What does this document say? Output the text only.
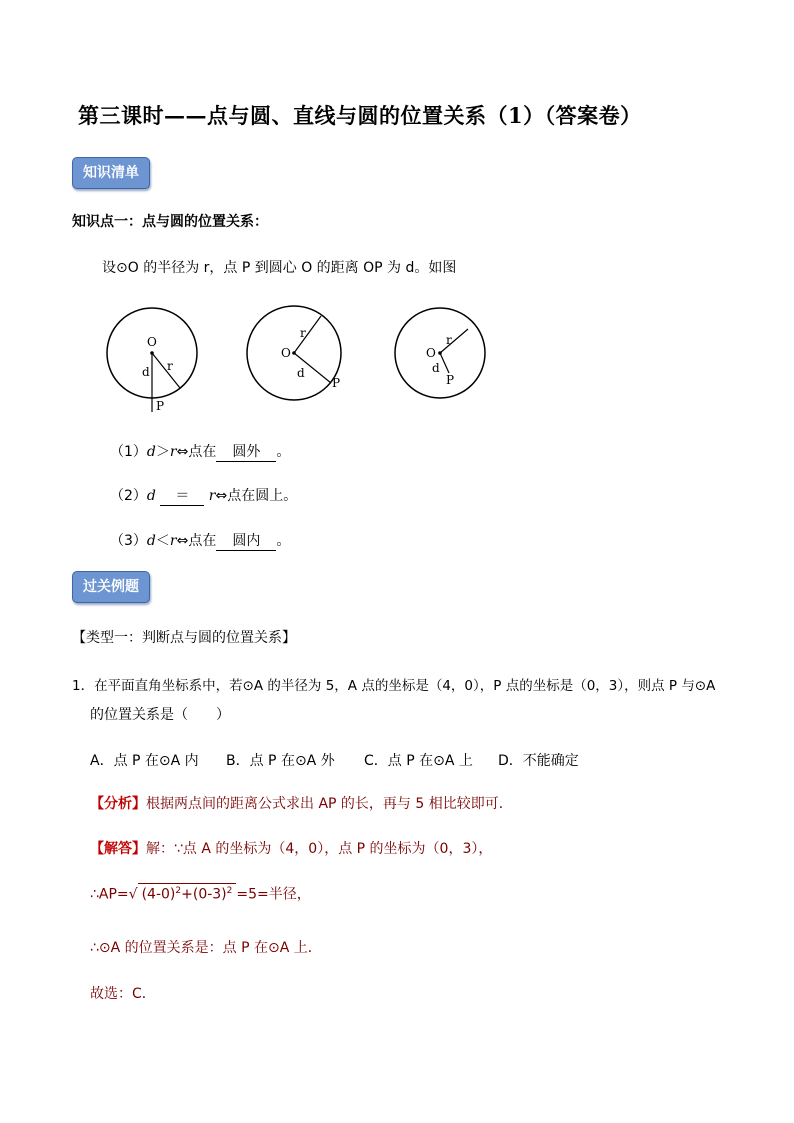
第三课时——点与圆、直线与圆的位置关系（1）（答案卷）
知识清单
知识点一：点与圆的位置关系：
设⊙O 的半径为 r，点 P 到圆心 O 的距离 OP 为 d。如图
O
r
d
P
O
r
d
P
O
r
d
P
（1）d＞r⇔点在 圆外 。
（2）d ＝ r⇔点在圆上。
（3）d＜r⇔点在 圆内 。
过关例题
【类型一：判断点与圆的位置关系】
1．在平面直角坐标系中，若⊙A 的半径为 5，A 点的坐标是（4，0），P 点的坐标是（0，3），则点 P 与⊙A
的位置关系是（　　）
A．点 P 在⊙A 内 B．点 P 在⊙A 外 C．点 P 在⊙A 上 D．不能确定
【分析】根据两点间的距离公式求出 AP 的长，再与 5 相比较即可．
【解答】解：∵点 A 的坐标为（4，0），点 P 的坐标为（0，3），
∴AP=√ $(4-0)^2+(0-3)^2 =5=$半径，
∴⊙A 的位置关系是：点 P 在⊙A 上．
故选：C．
